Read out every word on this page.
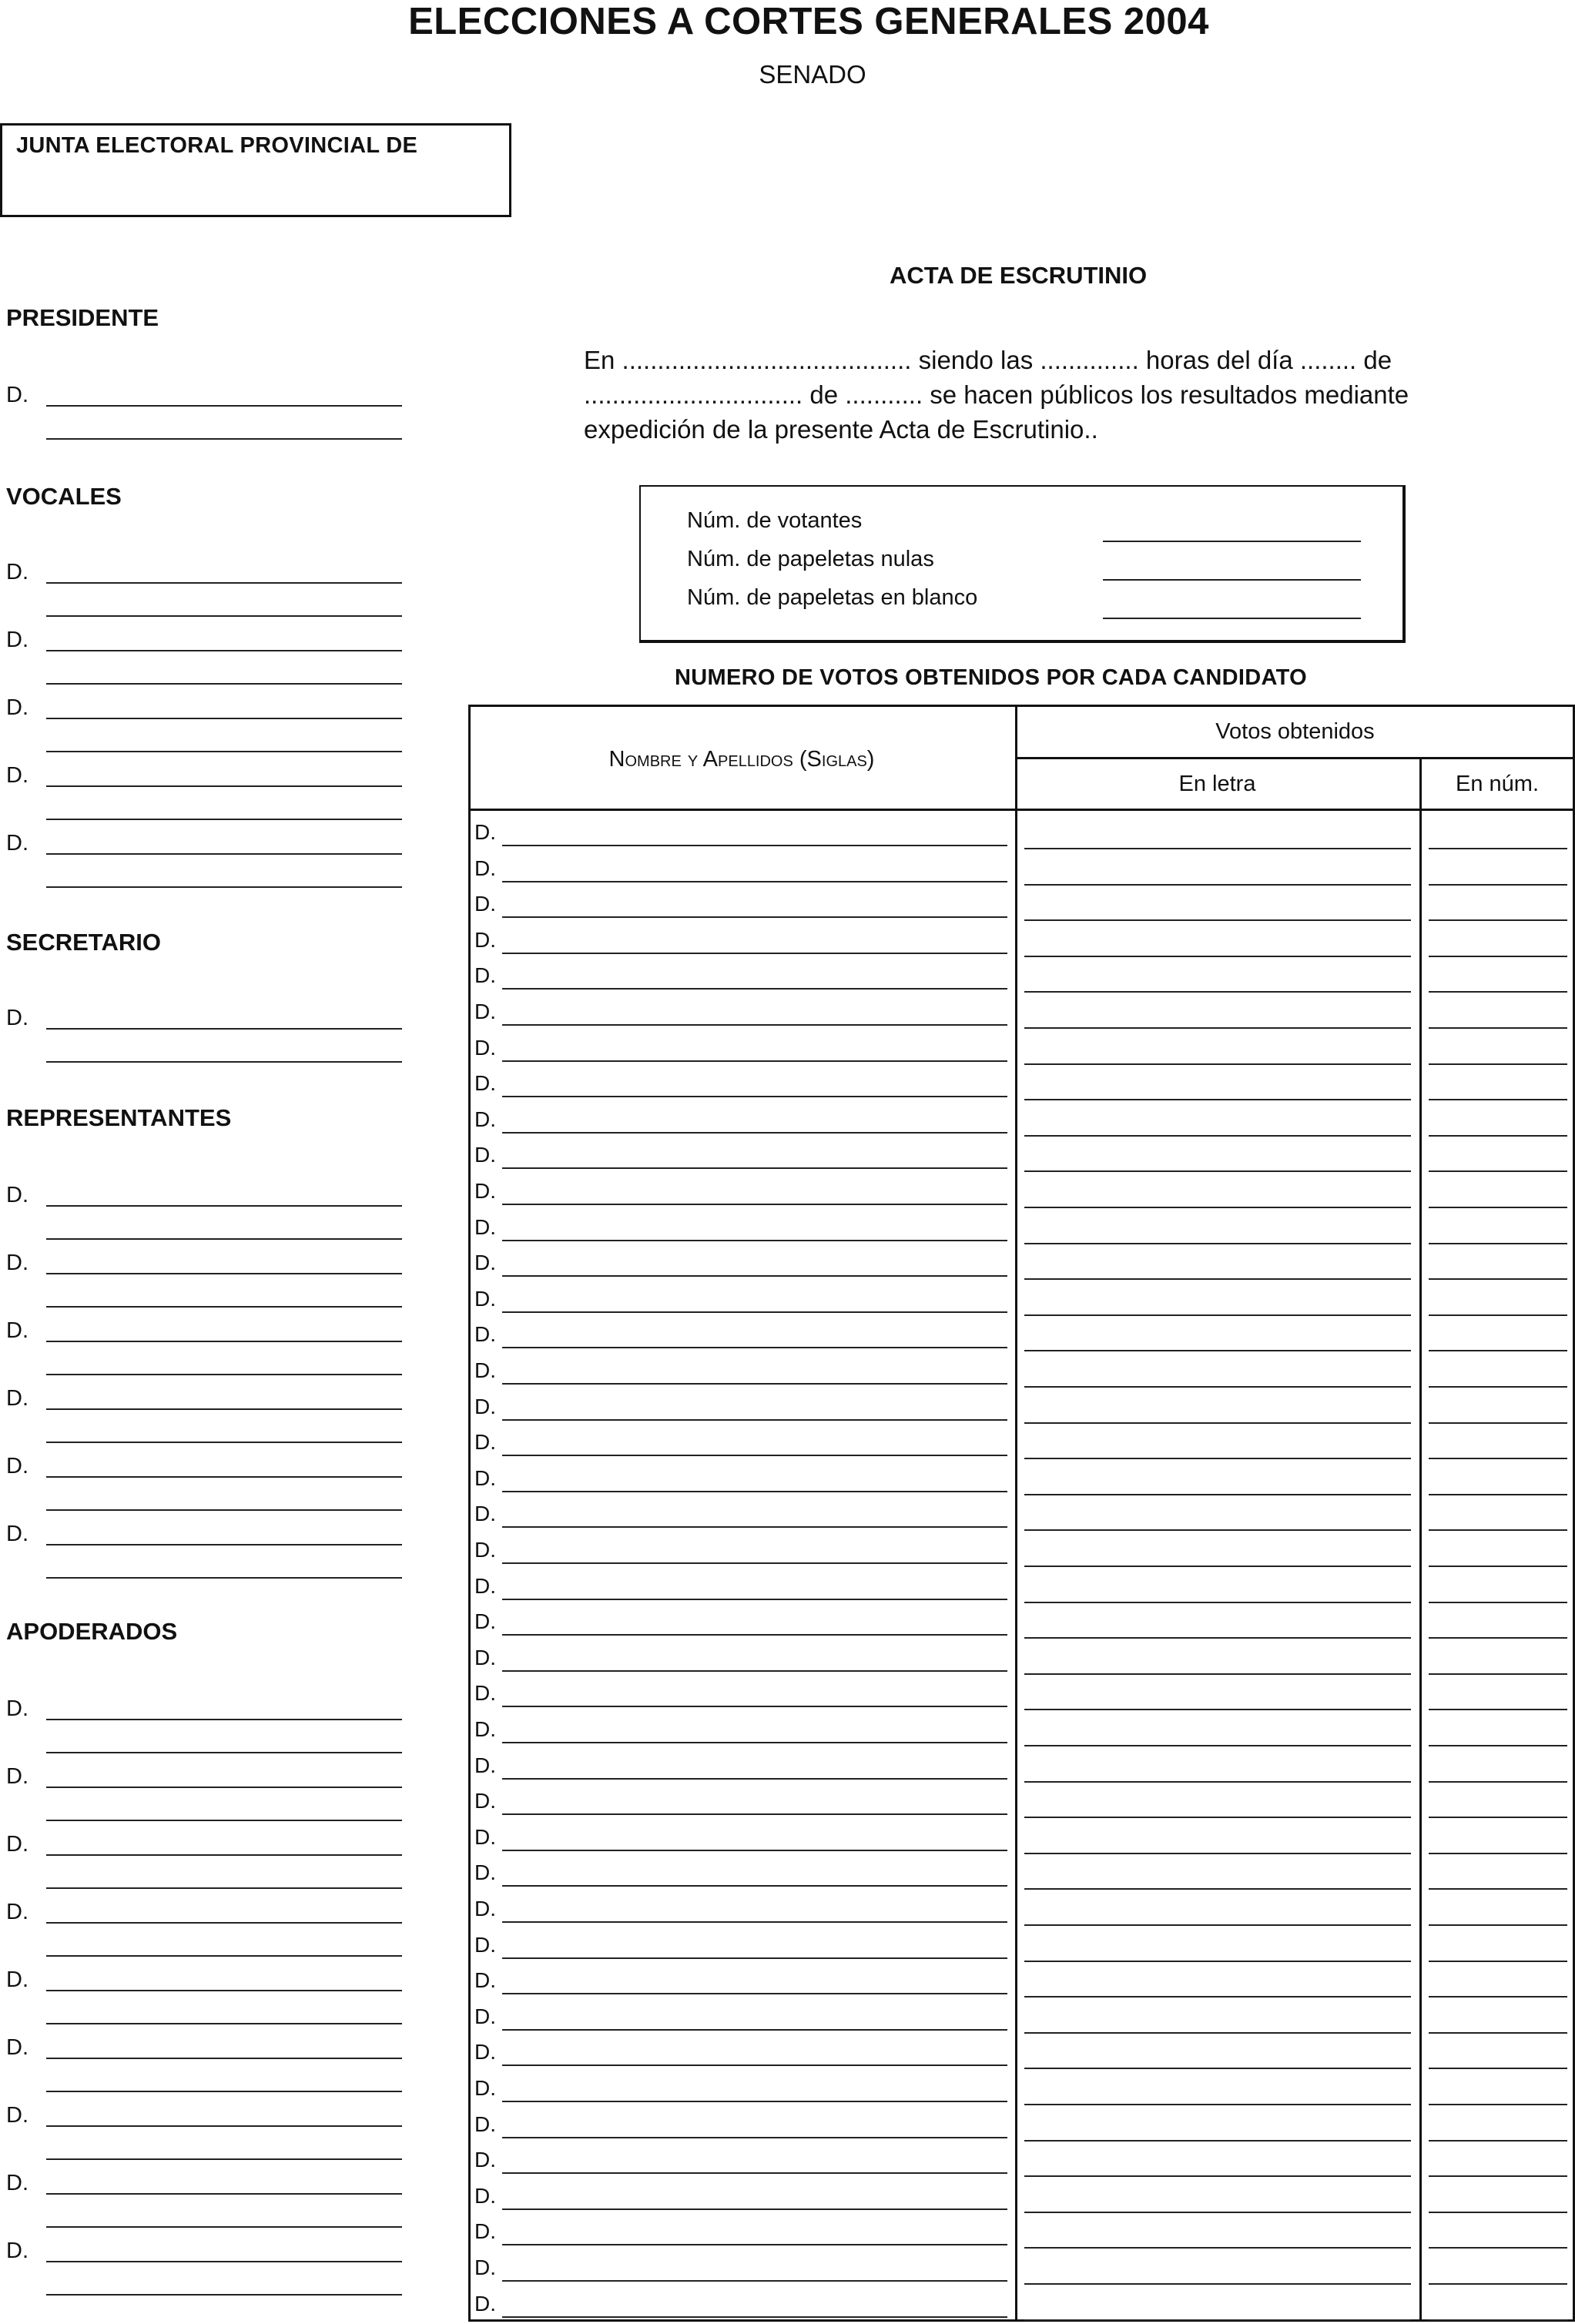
ELECCIONES A CORTES GENERALES 2004
SENADO
JUNTA ELECTORAL PROVINCIAL DE
PRESIDENTE
D.
VOCALES
D.
D.
D.
D.
D.
SECRETARIO
D.
REPRESENTANTES
D.
D.
D.
D.
D.
D.
APODERADOS
D.
D.
D.
D.
D.
D.
D.
D.
D.
ACTA DE ESCRUTINIO
En ......................................... siendo las .............. horas del día ........ de
............................... de ........... se hacen públicos los resultados mediante
expedición de la presente Acta de Escrutinio..
Núm. de votantes
Núm. de papeletas nulas
Núm. de papeletas en blanco
NUMERO DE VOTOS OBTENIDOS POR CADA CANDIDATO
Nombre y Apellidos (Siglas)
Votos obtenidos
En letra	En núm.
D.
D.
D.
D.
D.
D.
D.
D.
D.
D.
D.
D.
D.
D.
D.
D.
D.
D.
D.
D.
D.
D.
D.
D.
D.
D.
D.
D.
D.
D.
D.
D.
D.
D.
D.
D.
D.
D.
D.
D.
D.
D.
